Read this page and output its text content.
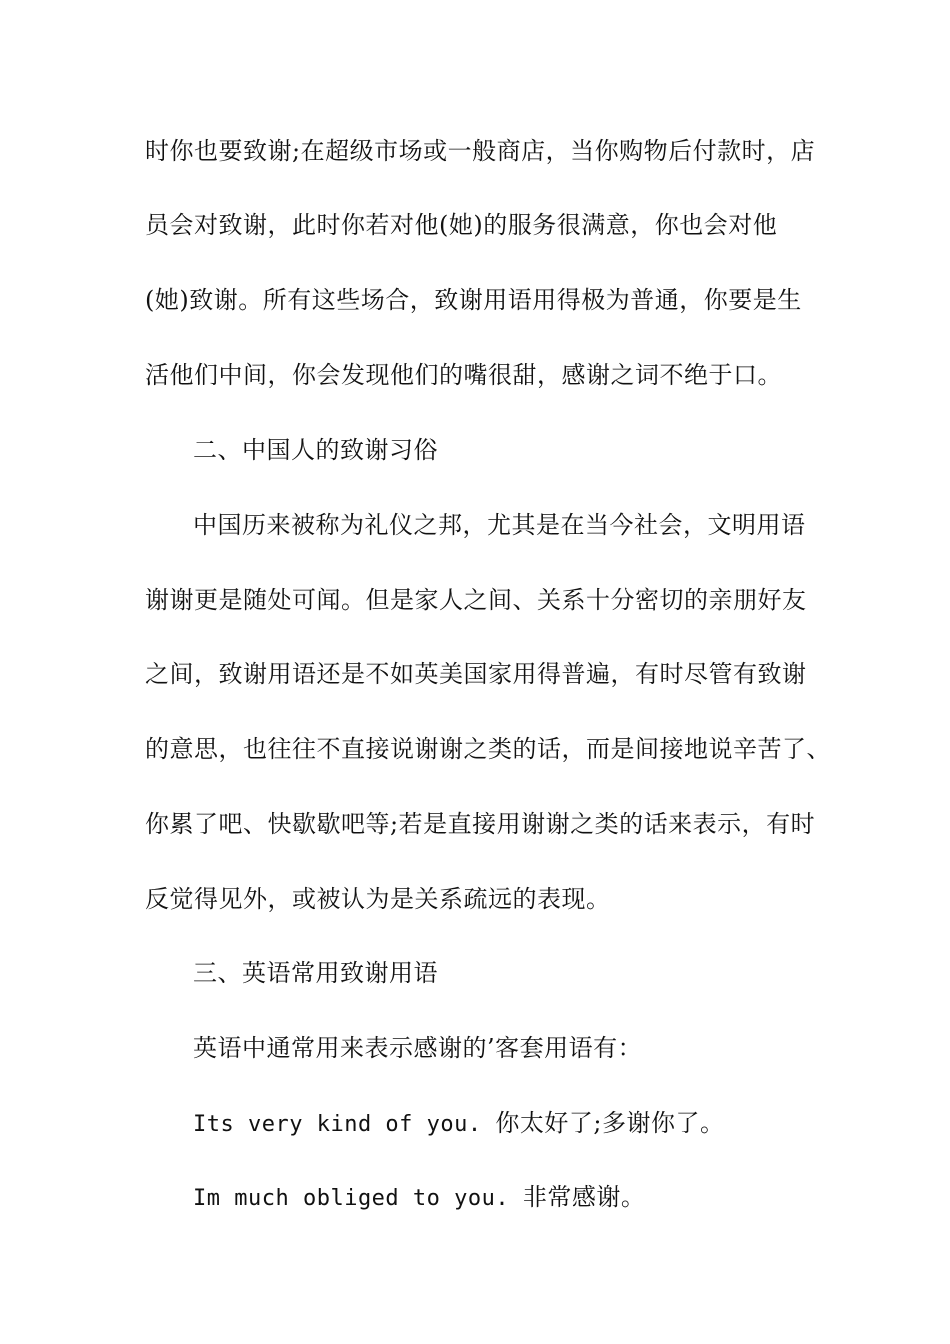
时你也要致谢;在超级市场或一般商店，当你购物后付款时，店
员会对致谢，此时你若对他(她)的服务很满意，你也会对他
(她)致谢。所有这些场合，致谢用语用得极为普通，你要是生
活他们中间，你会发现他们的嘴很甜，感谢之词不绝于口。
二、中国人的致谢习俗
中国历来被称为礼仪之邦，尤其是在当今社会，文明用语
谢谢更是随处可闻。但是家人之间、关系十分密切的亲朋好友
之间，致谢用语还是不如英美国家用得普遍，有时尽管有致谢
的意思，也往往不直接说谢谢之类的话，而是间接地说辛苦了、
你累了吧、快歇歇吧等;若是直接用谢谢之类的话来表示，有时
反觉得见外，或被认为是关系疏远的表现。
三、英语常用致谢用语
英语中通常用来表示感谢的’客套用语有：
Its very kind of you. 你太好了;多谢你了。
Im much obliged to you. 非常感谢。
